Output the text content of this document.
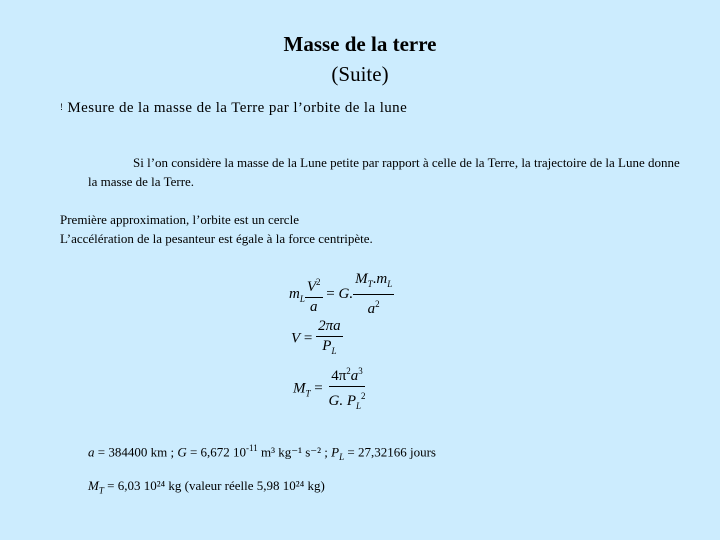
Masse de la terre
(Suite)
! Mesure de la masse de la Terre par l’orbite de la lune
Si l’on considère la masse de la Lune petite par rapport à celle de la Terre, la trajectoire de la Lune donne la masse de la Terre.
Première approximation, l’orbite est un cercle
L’accélération de la pesanteur est égale à la force centripète.
$m_L \frac{V^2}{a} = G$. $\frac{M_T.m_L}{a^2}$
$V = \frac{2\pi a}{P_L}$
$M_T = \frac{4\pi^2a^3}{G. P_L^2}$
a = 384400 km ; G = 6,672 $10^{-11}$ m³ kg⁻¹ s⁻² ; $P_L = 27,32166$ jours
$M_T = 6,03$ 10²⁴ kg (valeur réelle 5,98 10²⁴ kg)
